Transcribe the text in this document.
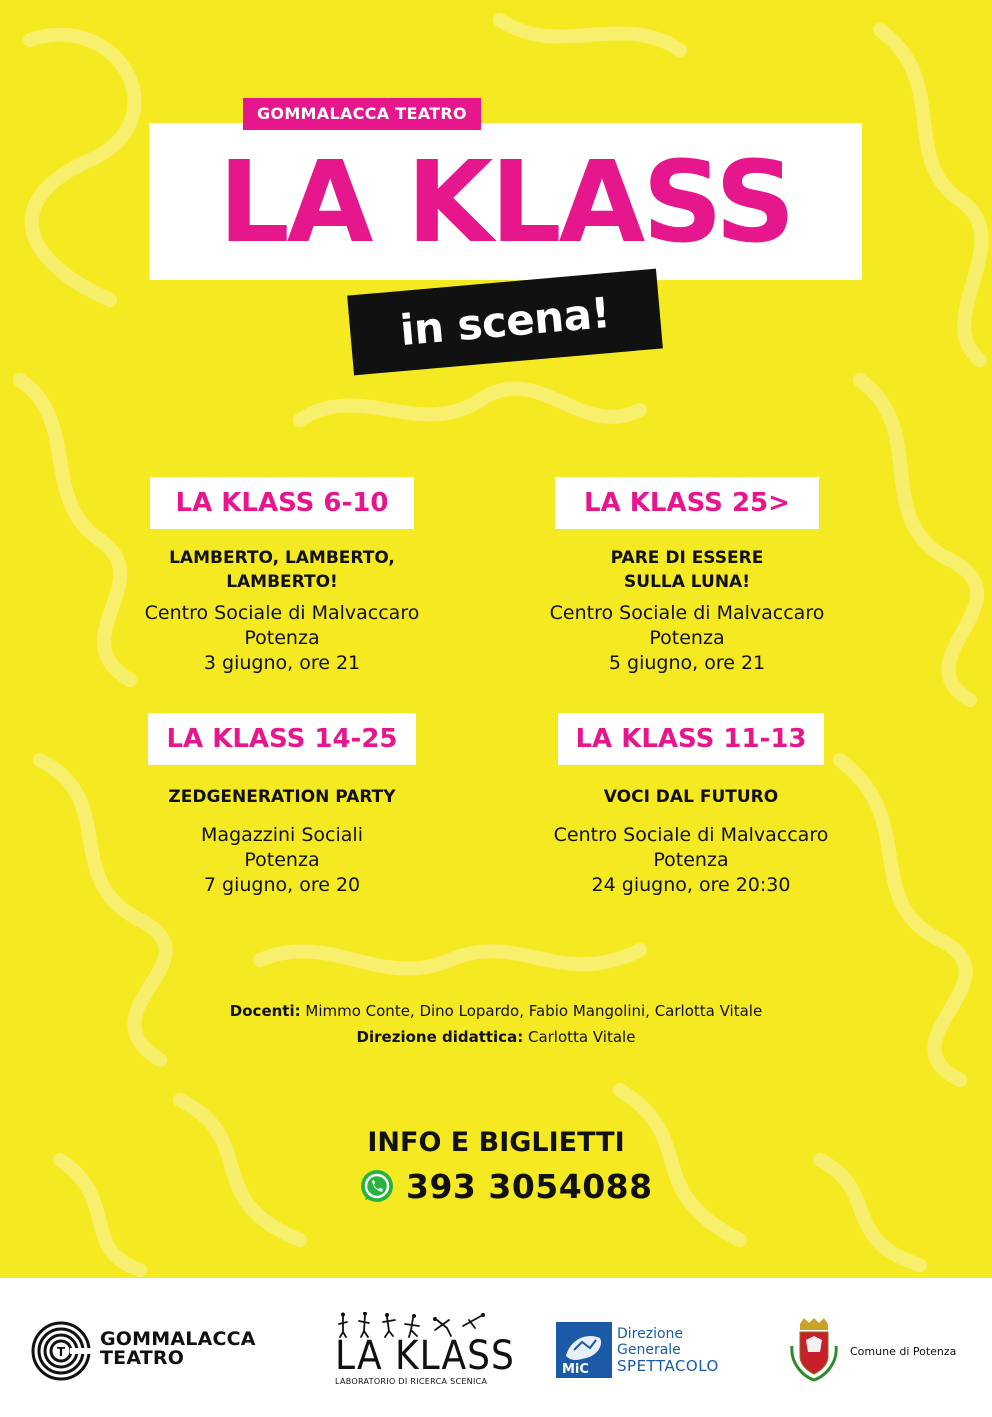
GOMMALACCA TEATRO
LA KLASS
in scena!
LA KLASS 6-10
LAMBERTO, LAMBERTO,
LAMBERTO!
Centro Sociale di Malvaccaro
Potenza
3 giugno, ore 21
LA KLASS 25>
PARE DI ESSERE
SULLA LUNA!
Centro Sociale di Malvaccaro
Potenza
5 giugno, ore 21
LA KLASS 14-25
ZEDGENERATION PARTY
Magazzini Sociali
Potenza
7 giugno, ore 20
LA KLASS 11-13
VOCI DAL FUTURO
Centro Sociale di Malvaccaro
Potenza
24 giugno, ore 20:30
Docenti: Mimmo Conte, Dino Lopardo, Fabio Mangolini, Carlotta Vitale
Direzione didattica: Carlotta Vitale
INFO E BIGLIETTI
393 3054088
T
GOMMALACCA
TEATRO	LA KLASS
LABORATORIO DI RICERCA SCENICA
MiC
Direzione
Generale
SPETTACOLO
Comune di Potenza
